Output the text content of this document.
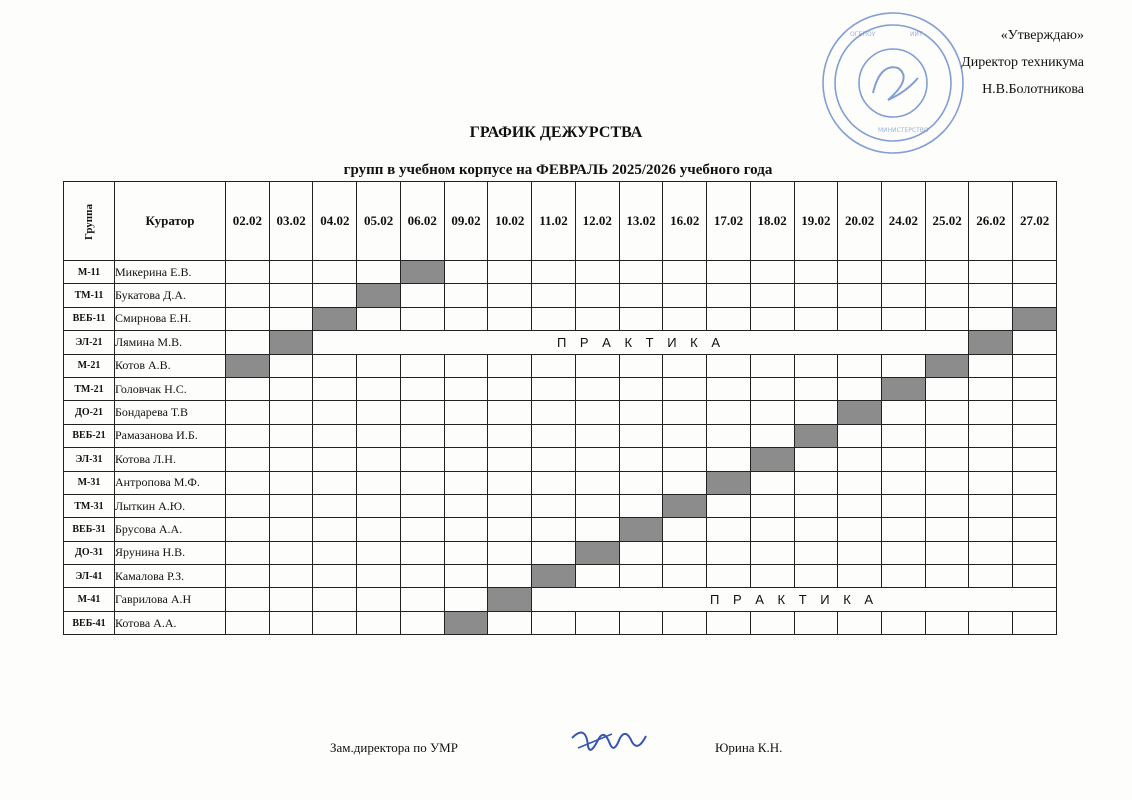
«Утверждаю»
Директор техникума
Н.В.Болотникова
ОГБПОУ	ИИТ
МИНИСТЕРСТВО
ГРАФИК ДЕЖУРСТВА
групп в учебном корпусе на ФЕВРАЛЬ 2025/2026 учебного года
Группа	Куратор	02.02	03.02	04.02	05.02	06.02	09.02	10.02	11.02	12.02	13.02	16.02	17.02	18.02	19.02	20.02	24.02	25.02	26.02	27.02
М-11	Микерина Е.В.																			
ТМ-11	Букатова Д.А.																			
ВЕБ-11	Смирнова Е.Н.																			
ЭЛ-21	Лямина М.В.			П Р А К Т И К А																
М-21	Котов А.В.																			
ТМ-21	Головчак Н.С.																			
ДО-21	Бондарева Т.В																			
ВЕБ-21	Рамазанова И.Б.																			
ЭЛ-31	Котова Л.Н.																			
М-31	Антропова М.Ф.																			
ТМ-31	Лыткин А.Ю.																			
ВЕБ-31	Брусова А.А.																			
ДО-31	Ярунина Н.В.																			
ЭЛ-41	Камалова Р.З.																			
М-41	Гаврилова А.Н								П Р А К Т И К А											
ВЕБ-41	Котова А.А.																			
Зам.директора по УМР	Юрина К.Н.
